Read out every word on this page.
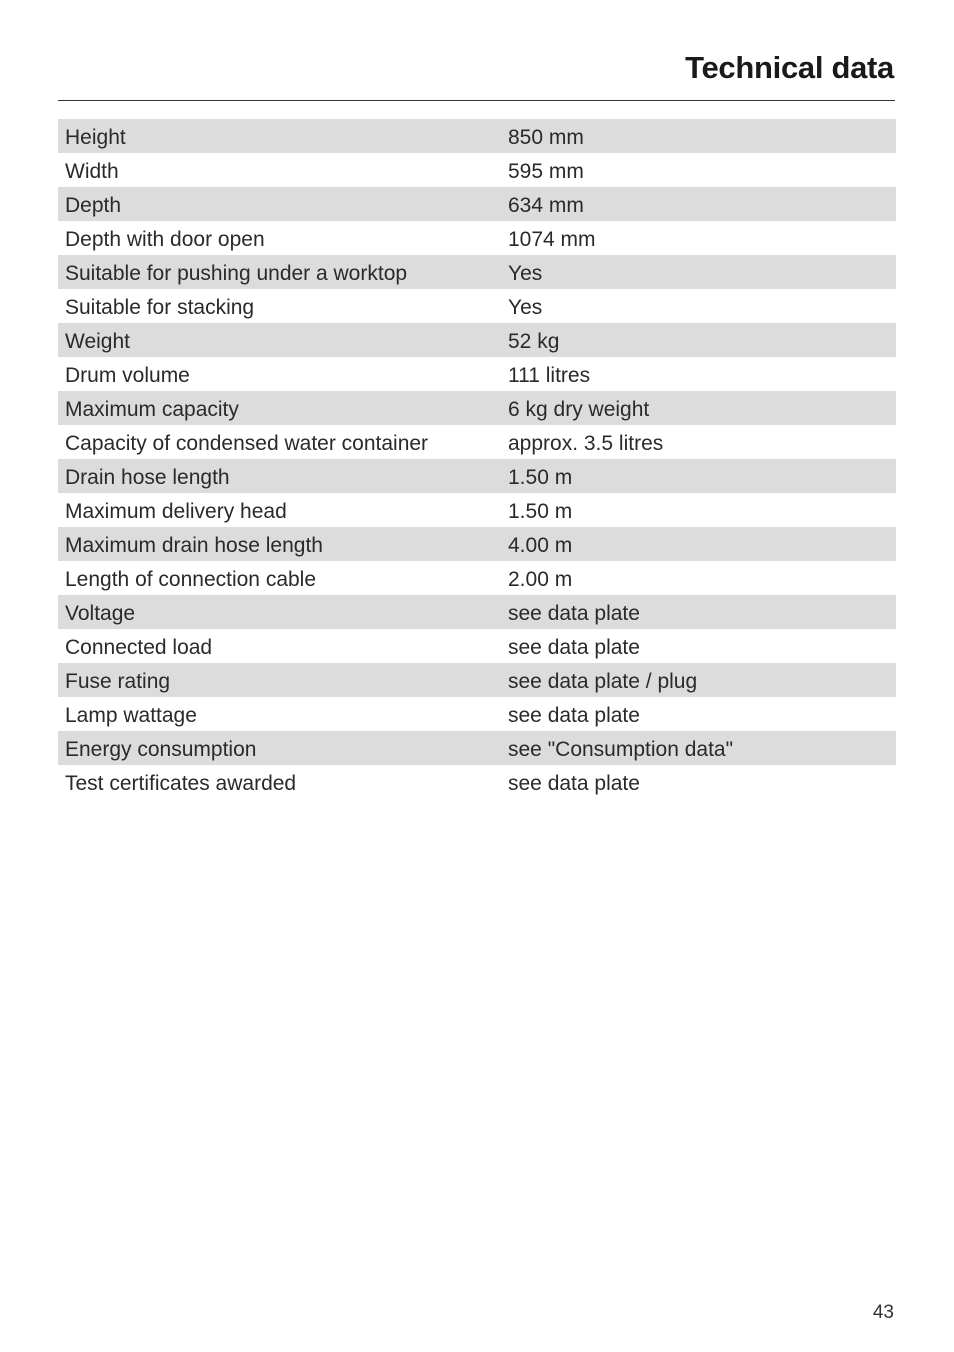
Technical data
Height	850 mm
Width	595 mm
Depth	634 mm
Depth with door open	1074 mm
Suitable for pushing under a worktop	Yes
Suitable for stacking	Yes
Weight	52 kg
Drum volume	111 litres
Maximum capacity	6 kg dry weight
Capacity of condensed water container	approx. 3.5 litres
Drain hose length	1.50 m
Maximum delivery head	1.50 m
Maximum drain hose length	4.00 m
Length of connection cable	2.00 m
Voltage	see data plate
Connected load	see data plate
Fuse rating	see data plate / plug
Lamp wattage	see data plate
Energy consumption	see "Consumption data"
Test certificates awarded	see data plate
43
